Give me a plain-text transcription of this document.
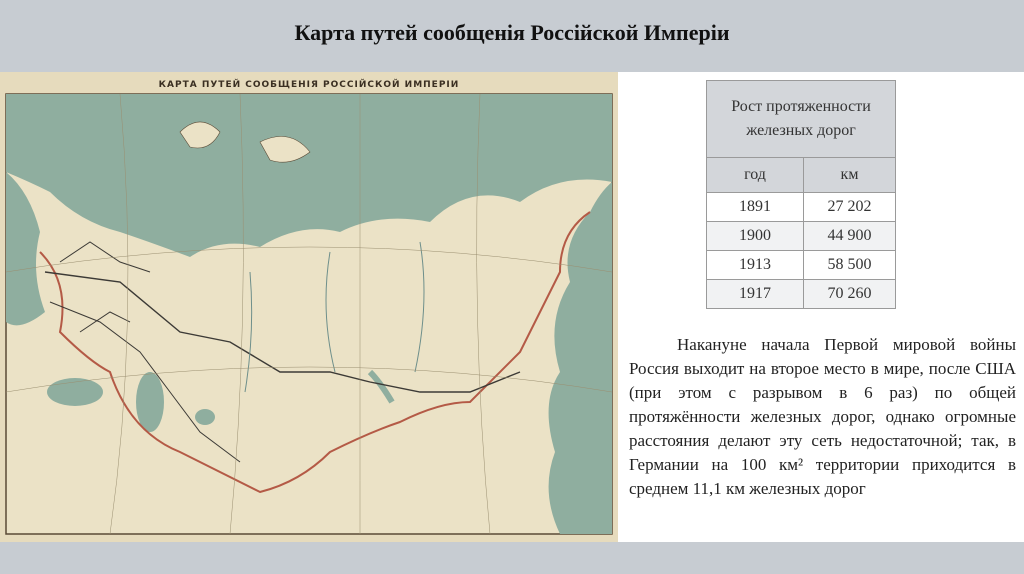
Карта путей сообщенія Россійской Имперіи
КАРТА ПУТЕЙ СООБЩЕНІЯ РОССІЙСКОЙ ИМПЕРІИ
Рост протяженности железных дорог	
год	км
1891	27 202
1900	44 900
1913	58 500
1917	70 260

Накануне начала Первой мировой войны Россия выходит на второе место в мире, после США (при этом с разрывом в 6 раз) по общей протяжённости железных дорог, однако огромные расстояния делают эту сеть недостаточной; так, в Германии на 100 км² территории приходится в среднем 11,1 км железных дорог
